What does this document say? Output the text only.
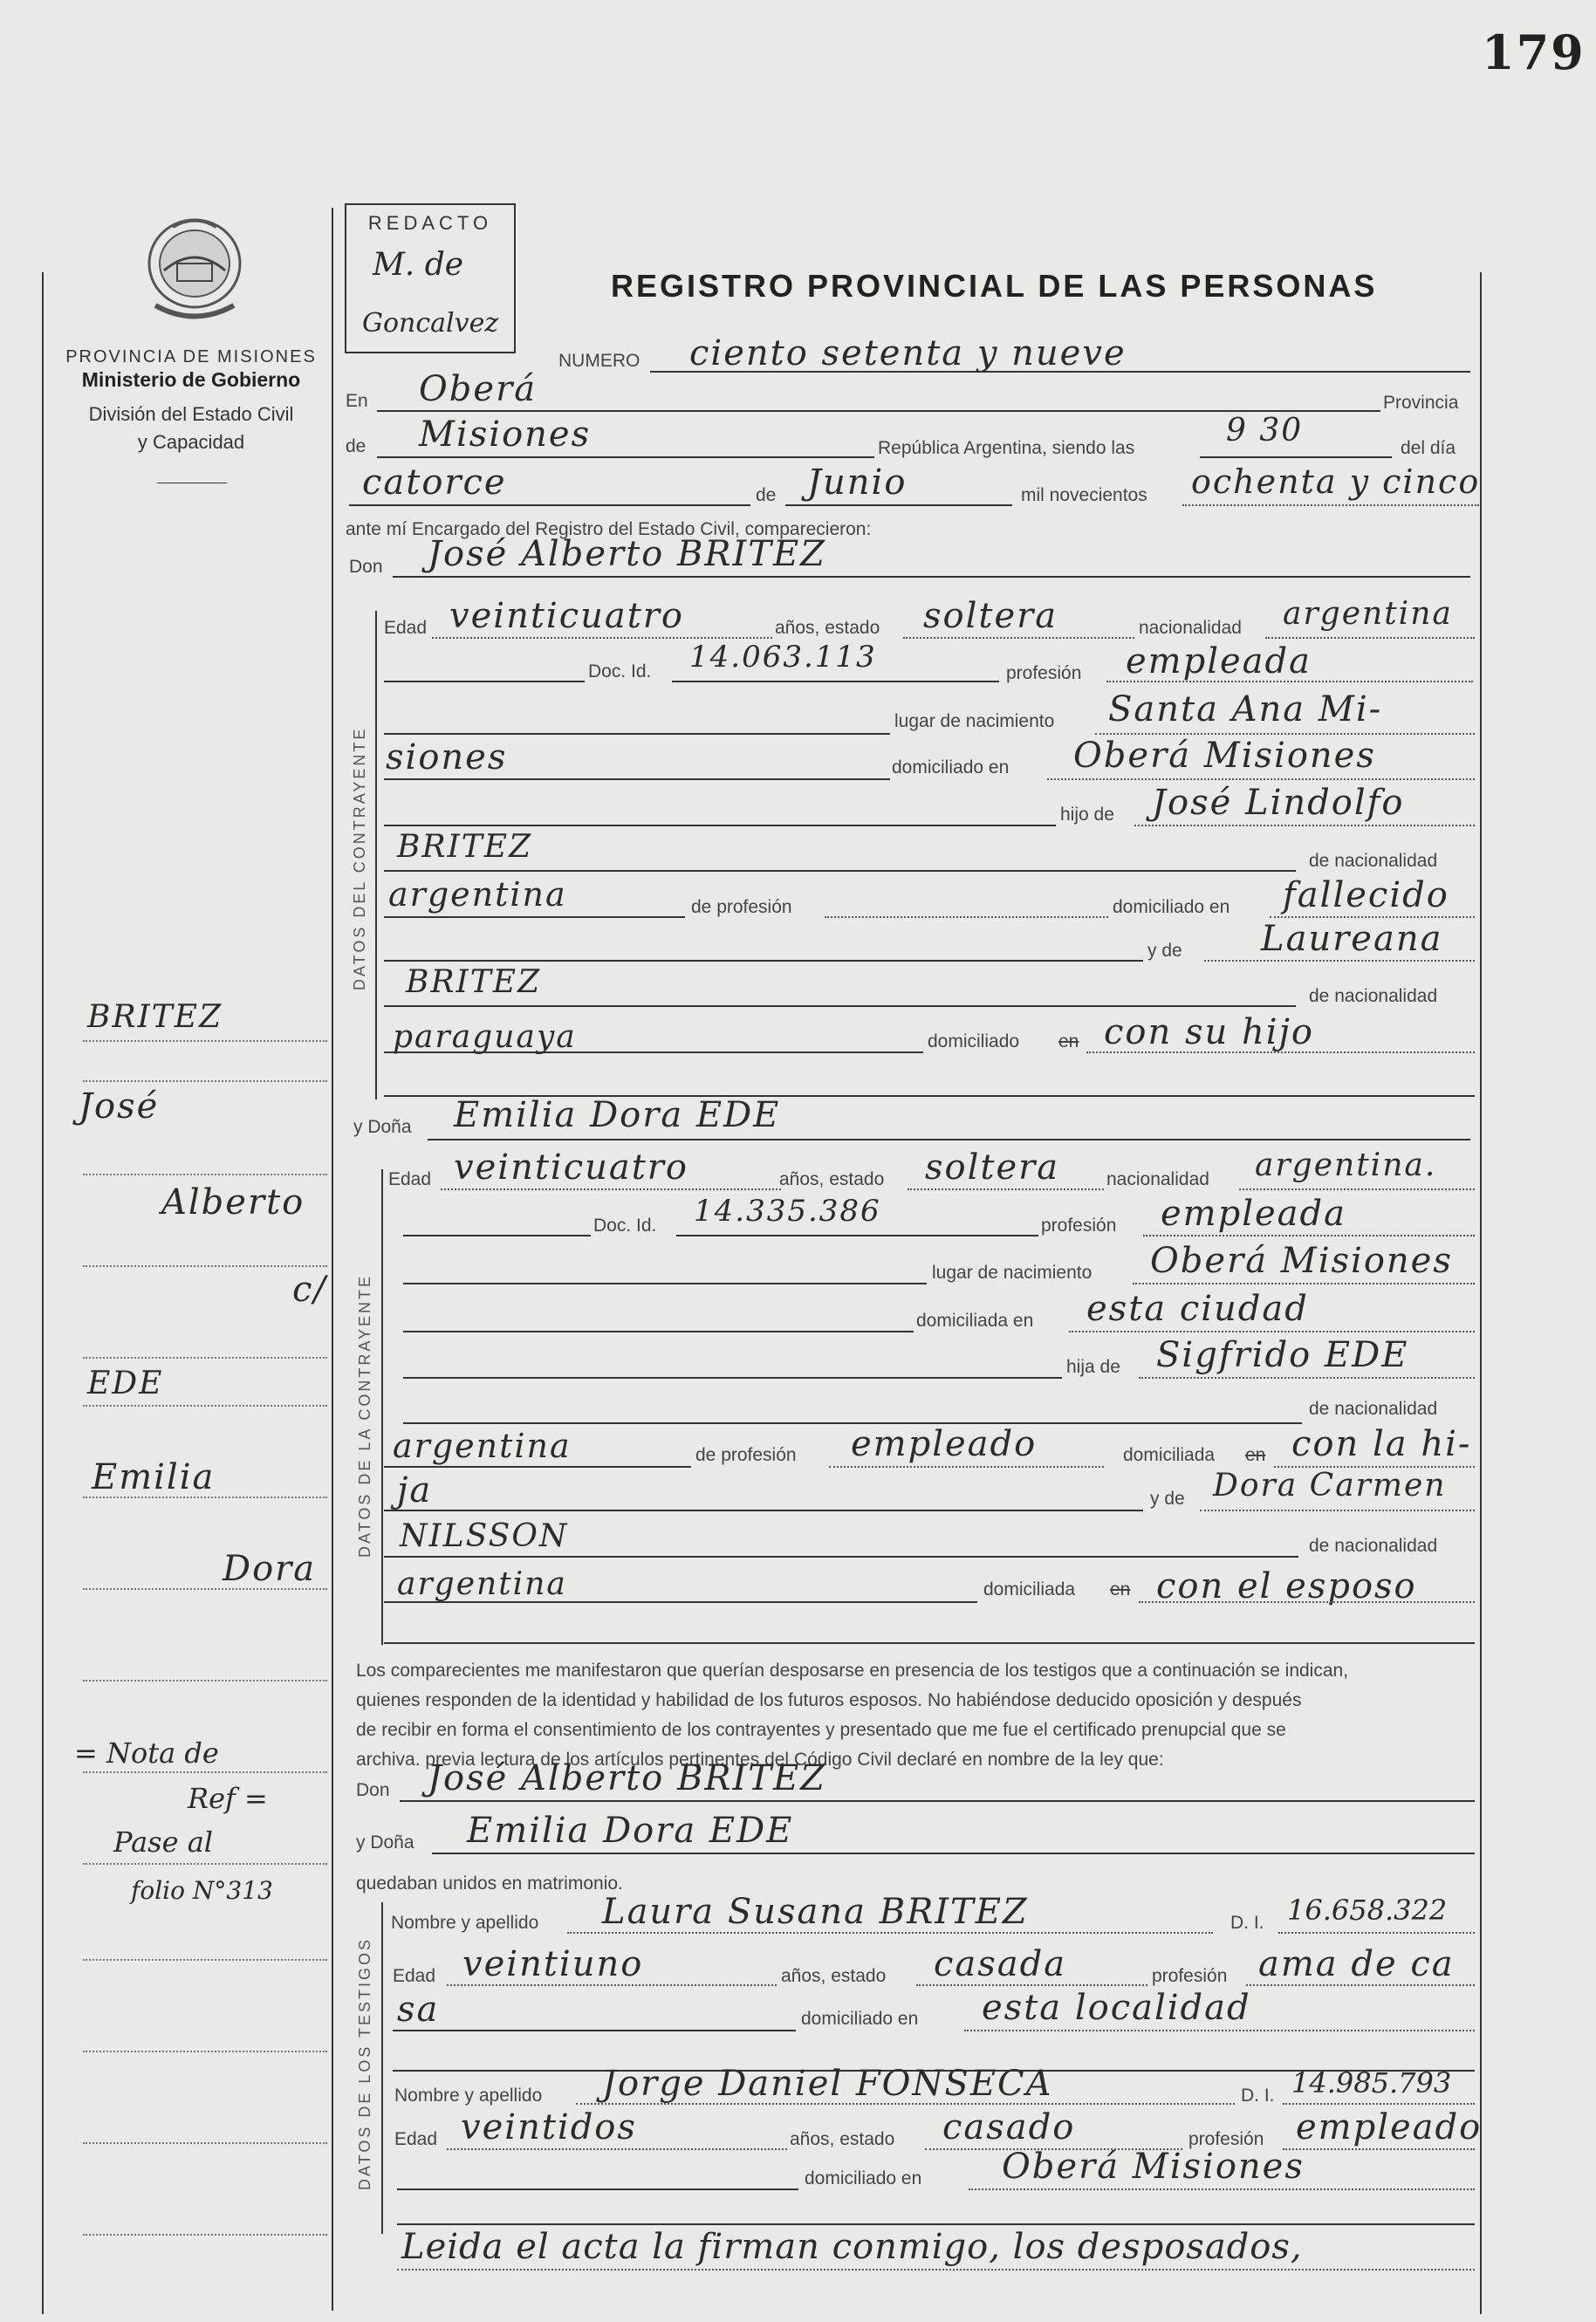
179
PROVINCIA DE MISIONES
Ministerio de Gobierno
División del Estado Civil
y Capacidad
REDACTO
M. de
Goncalvez
REGISTRO PROVINCIAL DE LAS PERSONAS
NUMERO ciento setenta y nueve
En Oberá	Provincia
de Misiones	República Argentina, siendo las	9 30	del día
catorce	de Junio	mil novecientos ochenta y cinco
ante mí Encargado del Registro del Estado Civil, comparecieron:
Don José Alberto BRITEZ
DATOS DEL CONTRAYENTE
Edad veinticuatro	años, estado soltera	nacionalidad argentina
Doc. Id. 14.063.113	profesión empleada
lugar de nacimiento Santa Ana Mi-
siones	domiciliado en Oberá Misiones
hijo de José Lindolfo
BRITEZ	de nacionalidad
argentina	de profesión	domiciliado en fallecido
y de Laureana
BRITEZ	de nacionalidad
paraguaya	domiciliado en con su hijo
y Doña Emilia Dora EDE
DATOS DE LA CONTRAYENTE
Edad veinticuatro	años, estado soltera	nacionalidad argentina.
Doc. Id. 14.335.386	profesión empleada
lugar de nacimiento Oberá Misiones
domiciliada en esta ciudad
hija de Sigfrido EDE
de nacionalidad
argentina	de profesión empleado	domiciliada en con la hi-
ja	y de Dora Carmen
NILSSON	de nacionalidad
argentina	domiciliada en con el esposo
Los comparecientes me manifestaron que querían desposarse en presencia de los testigos que a continuación se indican,
quienes responden de la identidad y habilidad de los futuros esposos. No habiéndose deducido oposición y después
de recibir en forma el consentimiento de los contrayentes y presentado que me fue el certificado prenupcial que se
archiva. previa lectura de los artículos pertinentes del Código Civil declaré en nombre de la ley que:
Don José Alberto BRITEZ
y Doña Emilia Dora EDE
quedaban unidos en matrimonio.
DATOS DE LOS TESTIGOS
Nombre y apellido Laura Susana BRITEZ	D. I. 16.658.322
Edad veintiuno	años, estado casada	profesión ama de ca
sa	domiciliado en esta localidad
Nombre y apellido Jorge Daniel FONSECA	D. I. 14.985.793
Edad veintidos	años, estado casado	profesión empleado
domiciliado en Oberá Misiones
Leida el acta la firman conmigo, los desposados,
BRITEZ
José
Alberto
c/
EDE
Emilia
Dora
= Nota de
Ref =
Pase al
folio N°313
